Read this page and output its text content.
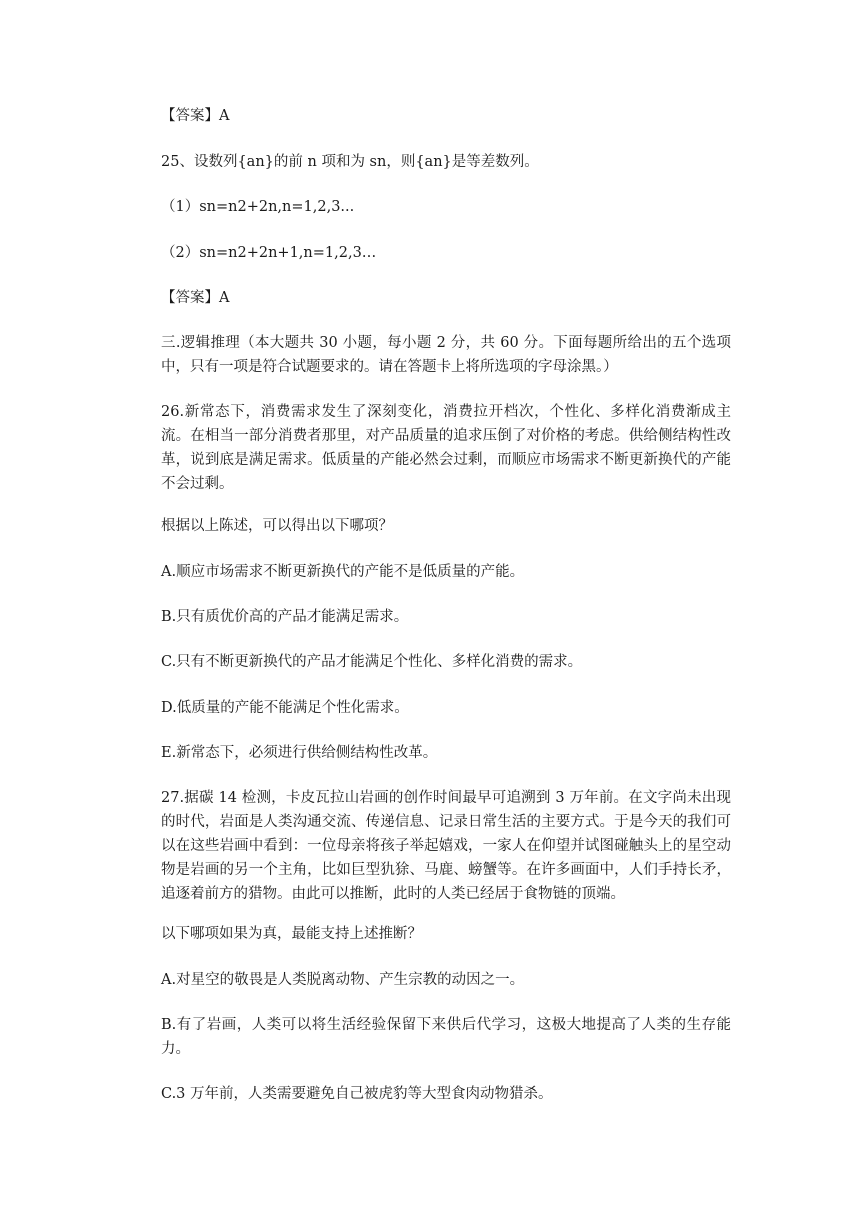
【答案】A

25、设数列{an}的前 n 项和为 sn，则{an}是等差数列。

（1）sn=n2+2n,n=1,2,3...

（2）sn=n2+2n+1,n=1,2,3…

【答案】A

三.逻辑推理（本大题共 30 小题，每小题 2 分，共 60 分。下面每题所给出的五个选项中，只有一项是符合试题要求的。请在答题卡上将所选项的字母涂黑。）

26.新常态下，消费需求发生了深刻变化，消费拉开档次，个性化、多样化消费渐成主流。在相当一部分消费者那里，对产品质量的追求压倒了对价格的考虑。供给侧结构性改革，说到底是满足需求。低质量的产能必然会过剩，而顺应市场需求不断更新换代的产能不会过剩。

根据以上陈述，可以得出以下哪项？

A.顺应市场需求不断更新换代的产能不是低质量的产能。

B.只有质优价高的产品才能满足需求。

C.只有不断更新换代的产品才能满足个性化、多样化消费的需求。

D.低质量的产能不能满足个性化需求。

E.新常态下，必须进行供给侧结构性改革。

27.据碳 14 检测，卡皮瓦拉山岩画的创作时间最早可追溯到 3 万年前。在文字尚未出现的时代，岩面是人类沟通交流、传递信息、记录日常生活的主要方式。于是今天的我们可以在这些岩画中看到：一位母亲将孩子举起嬉戏，一家人在仰望并试图碰触头上的星空动物是岩画的另一个主角，比如巨型犰狳、马鹿、螃蟹等。在许多画面中，人们手持长矛，追逐着前方的猎物。由此可以推断，此时的人类已经居于食物链的顶端。

以下哪项如果为真，最能支持上述推断？

A.对星空的敬畏是人类脱离动物、产生宗教的动因之一。

B.有了岩画，人类可以将生活经验保留下来供后代学习，这极大地提高了人类的生存能力。

C.3 万年前，人类需要避免自己被虎豹等大型食肉动物猎杀。
